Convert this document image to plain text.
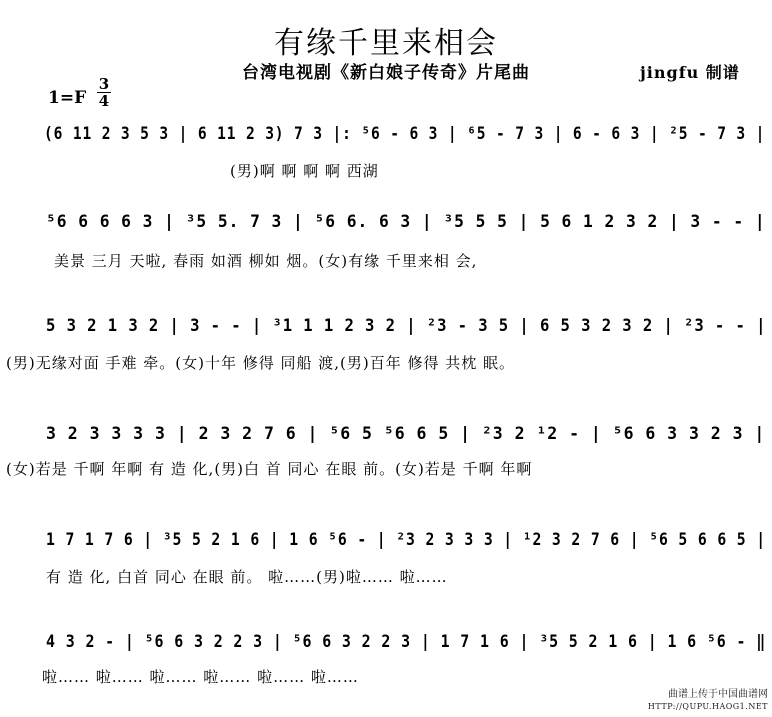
有缘千里来相会
台湾电视剧《新白娘子传奇》片尾曲	jingfu 制谱
1=F
3
4
(6 11 2 3 5 3 | 6 11 2 3) 7 3 |: ⁵6 - 6 3 | ⁶5 - 7 3 | 6 - 6 3 | ²5 - 7 3 |
(男)啊 啊 啊 啊 西湖
⁵6 6 6 6 3 | ³5 5. 7 3 | ⁵6 6. 6 3 | ³5 5 5 | 5 6 1 2 3 2 | 3 - - |
美景 三月 天啦, 春雨 如酒 柳如 烟。(女)有缘 千里来相 会,
5 3 2 1 3 2 | 3 - - | ³1 1 1 2 3 2 | ²3 - 3 5 | 6 5 3 2 3 2 | ²3 - - |
(男)无缘对面 手难 牵。(女)十年 修得 同船 渡,(男)百年 修得 共枕 眠。
3 2 3 3 3 3 | 2 3 2 7 6 | ⁵6 5 ⁵6 6 5 | ²3 2 ¹2 - | ⁵6 6 3 3 2 3 |
(女)若是 千啊 年啊 有 造 化,(男)白 首 同心 在眼 前。(女)若是 千啊 年啊
1 7 1 7 6 | ³5 5 2 1 6 | 1 6 ⁵6 - | ²3 2 3 3 3 | ¹2 3 2 7 6 | ⁵6 5 6 6 5 |
有 造 化, 白首 同心 在眼 前。 啦……(男)啦…… 啦……
4 3 2 - | ⁵6 6 3 2 2 3 | ⁵6 6 3 2 2 3 | 1 7 1 6 | ³5 5 2 1 6 | 1 6 ⁵6 - ‖
啦…… 啦…… 啦…… 啦…… 啦…… 啦……
曲谱上传于中国曲谱网
HTTP://QUPU.HAOG1.NET
